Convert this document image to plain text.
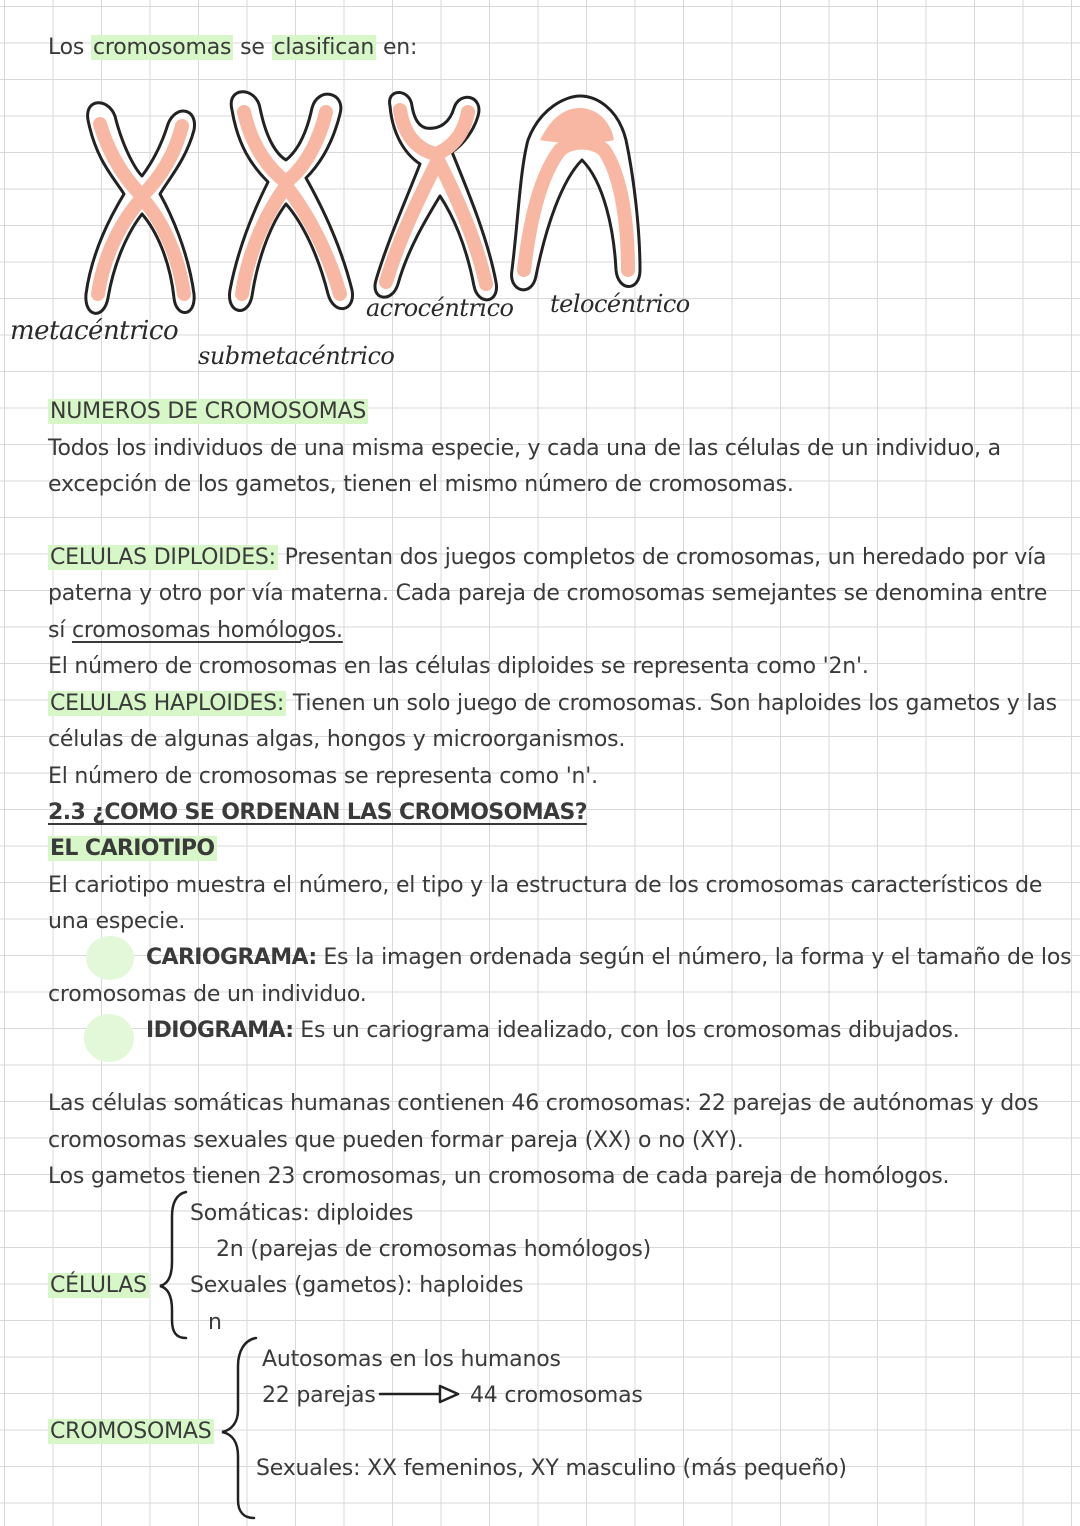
Los cromosomas se clasifican en:
metacéntrico
submetacéntrico
acrocéntrico telocéntrico
NUMEROS DE CROMOSOMAS
Todos los individuos de una misma especie, y cada una de las células de un individuo, a
excepción de los gametos, tienen el mismo número de cromosomas.
CELULAS DIPLOIDES: Presentan dos juegos completos de cromosomas, un heredado por vía
paterna y otro por vía materna. Cada pareja de cromosomas semejantes se denomina entre
sí cromosomas homólogos.
El número de cromosomas en las células diploides se representa como '2n'.
CELULAS HAPLOIDES: Tienen un solo juego de cromosomas. Son haploides los gametos y las
células de algunas algas, hongos y microorganismos.
El número de cromosomas se representa como 'n'.
2.3 ¿COMO SE ORDENAN LAS CROMOSOMAS?
EL CARIOTIPO
El cariotipo muestra el número, el tipo y la estructura de los cromosomas característicos de
una especie.
CARIOGRAMA: Es la imagen ordenada según el número, la forma y el tamaño de los
cromosomas de un individuo.
IDIOGRAMA: Es un cariograma idealizado, con los cromosomas dibujados.
Las células somáticas humanas contienen 46 cromosomas: 22 parejas de autónomas y dos
cromosomas sexuales que pueden formar pareja (XX) o no (XY).
Los gametos tienen 23 cromosomas, un cromosoma de cada pareja de homólogos.
CÉLULAS
Somáticas: diploides
2n (parejas de cromosomas homólogos)
Sexuales (gametos): haploides
n
CROMOSOMAS
Autosomas en los humanos
22 parejas	44 cromosomas
Sexuales: XX femeninos, XY masculino (más pequeño)
